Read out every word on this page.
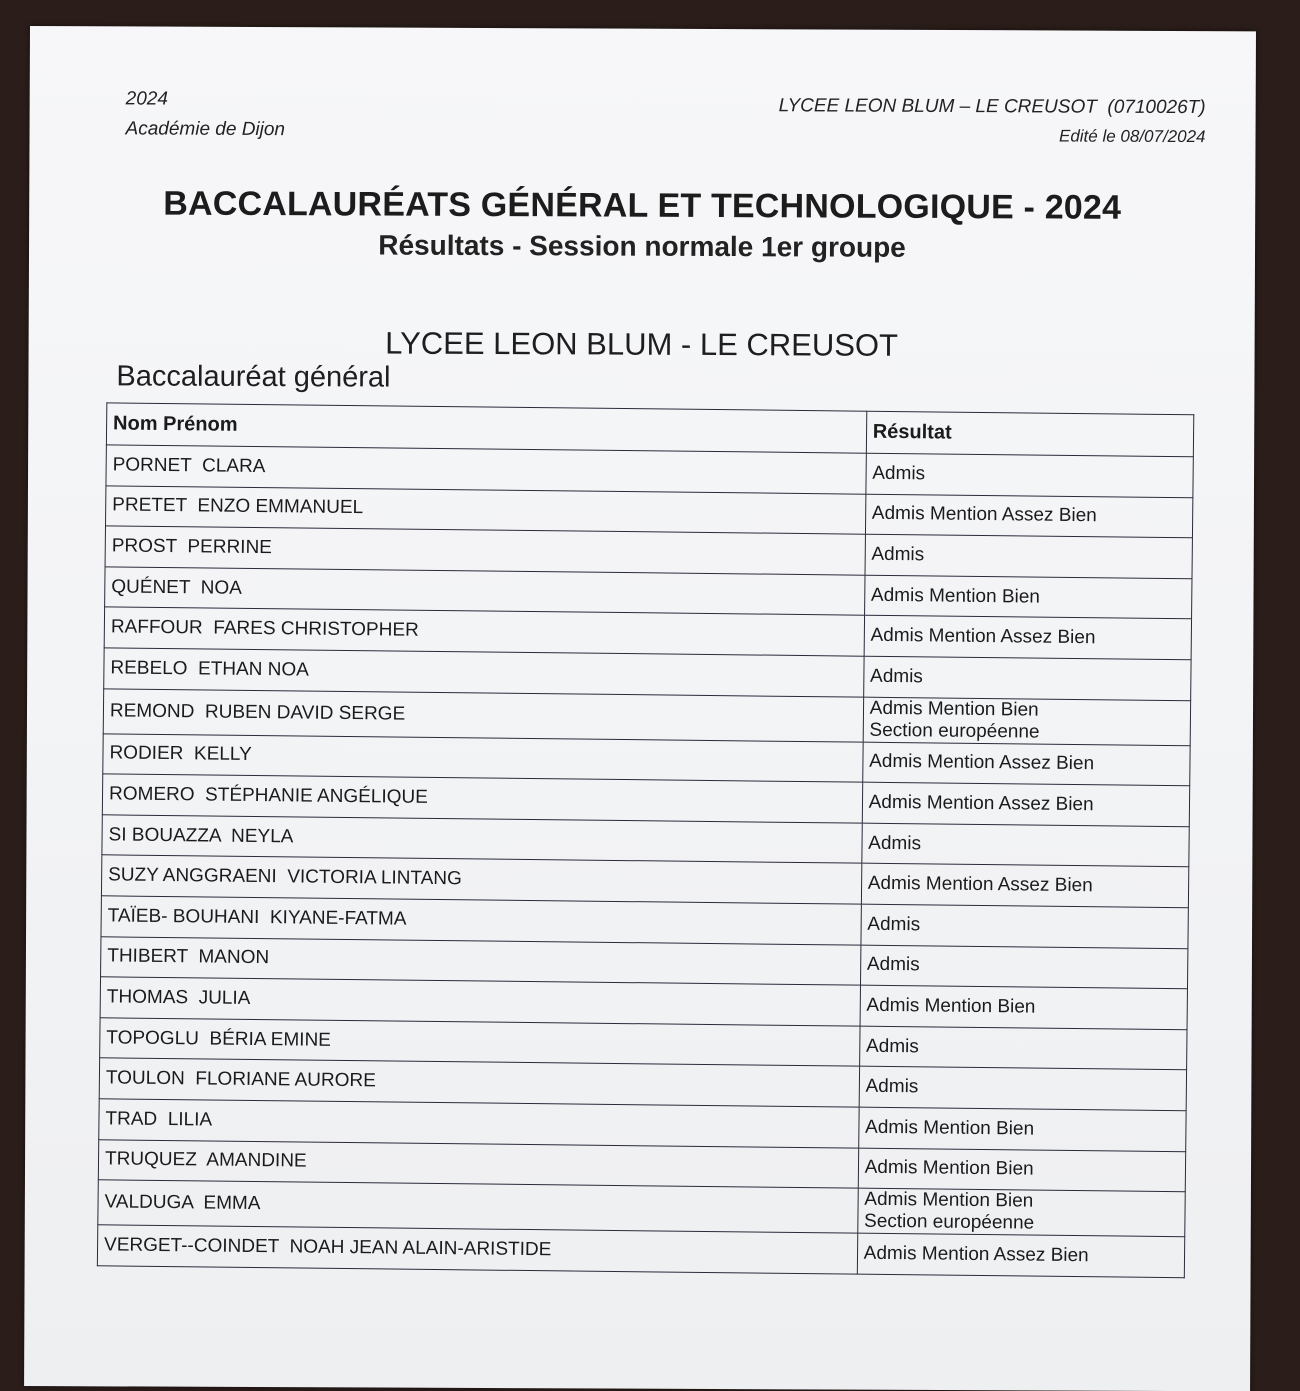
2024
Académie de Dijon
LYCEE LEON BLUM – LE CREUSOT  (0710026T)
Edité le 08/07/2024
BACCALAURÉATS GÉNÉRAL ET TECHNOLOGIQUE - 2024
Résultats - Session normale 1er groupe
LYCEE LEON BLUM - LE CREUSOT
Baccalauréat général
Nom Prénom	Résultat
PORNET  CLARA	Admis

PRETET  ENZO EMMANUEL	Admis Mention Assez Bien

PROST  PERRINE	Admis

QUÉNET  NOA	Admis Mention Bien

RAFFOUR  FARES CHRISTOPHER	Admis Mention Assez Bien

REBELO  ETHAN NOA	Admis

REMOND  RUBEN DAVID SERGE	Admis Mention Bien
Section européenne

RODIER  KELLY	Admis Mention Assez Bien

ROMERO  STÉPHANIE ANGÉLIQUE	Admis Mention Assez Bien

SI BOUAZZA  NEYLA	Admis

SUZY ANGGRAENI  VICTORIA LINTANG	Admis Mention Assez Bien

TAÏEB- BOUHANI  KIYANE-FATMA	Admis

THIBERT  MANON	Admis

THOMAS  JULIA	Admis Mention Bien

TOPOGLU  BÉRIA EMINE	Admis

TOULON  FLORIANE AURORE	Admis

TRAD  LILIA	Admis Mention Bien

TRUQUEZ  AMANDINE	Admis Mention Bien

VALDUGA  EMMA	Admis Mention Bien
Section européenne

VERGET--COINDET  NOAH JEAN ALAIN-ARISTIDE	Admis Mention Assez Bien
